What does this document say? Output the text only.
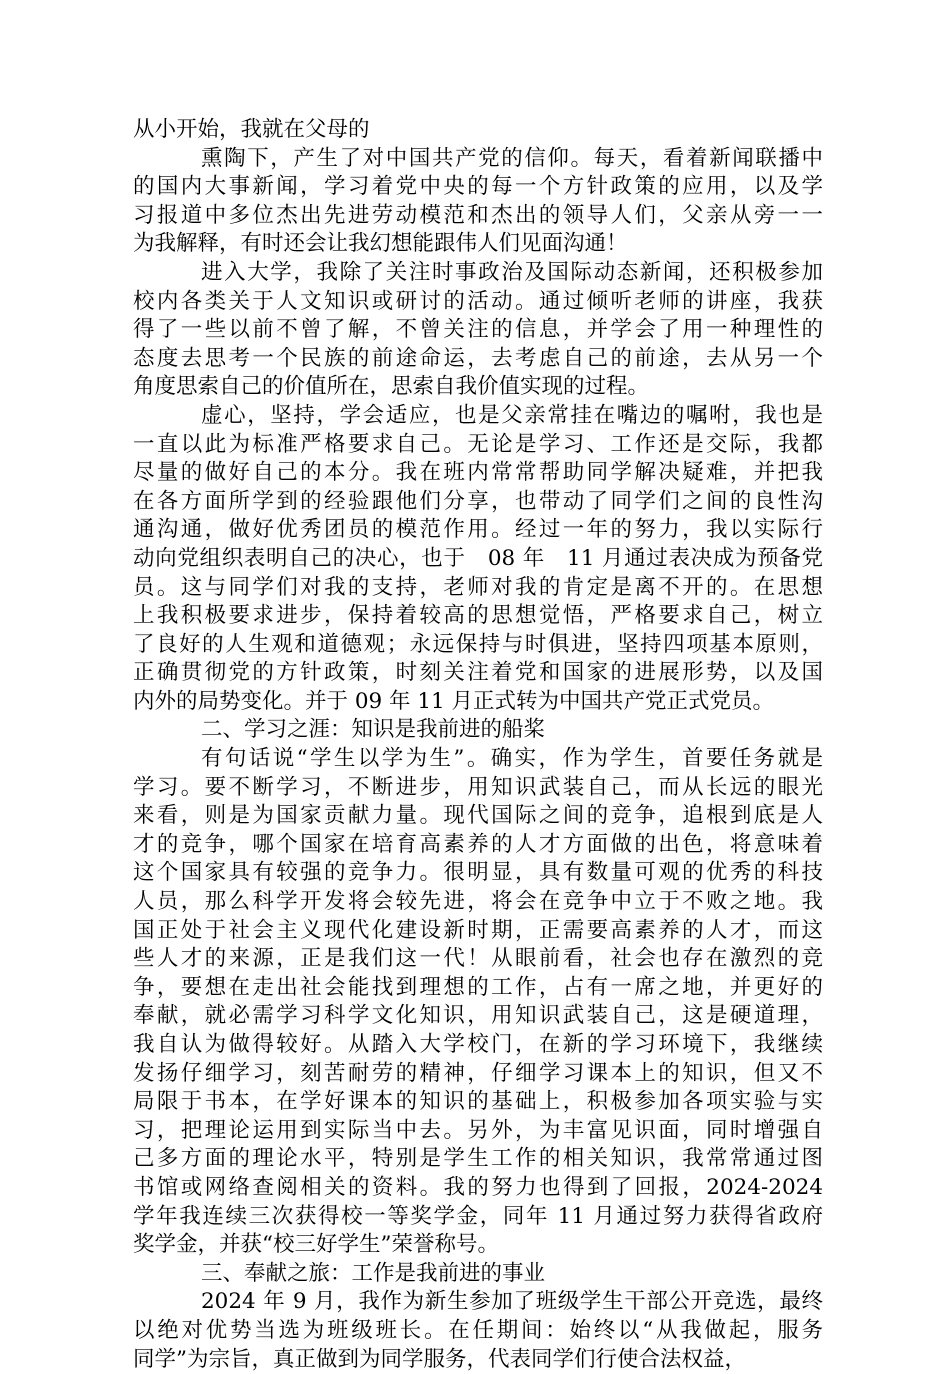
从小开始，我就在父母的
熏陶下，产生了对中国共产党的信仰。每天，看着新闻联播中
的国内大事新闻，学习着党中央的每一个方针政策的应用，以及学
习报道中多位杰出先进劳动模范和杰出的领导人们，父亲从旁一一
为我解释，有时还会让我幻想能跟伟人们见面沟通！
进入大学，我除了关注时事政治及国际动态新闻，还积极参加
校内各类关于人文知识或研讨的活动。通过倾听老师的讲座，我获
得了一些以前不曾了解，不曾关注的信息，并学会了用一种理性的
态度去思考一个民族的前途命运，去考虑自己的前途，去从另一个
角度思索自己的价值所在，思索自我价值实现的过程。
虚心，坚持，学会适应，也是父亲常挂在嘴边的嘱咐，我也是
一直以此为标准严格要求自己。无论是学习、工作还是交际，我都
尽量的做好自己的本分。我在班内常常帮助同学解决疑难，并把我
在各方面所学到的经验跟他们分享，也带动了同学们之间的良性沟
通沟通，做好优秀团员的模范作用。经过一年的努力，我以实际行
动向党组织表明自己的决心，也于　08 年　11 月通过表决成为预备党
员。这与同学们对我的支持，老师对我的肯定是离不开的。在思想
上我积极要求进步，保持着较高的思想觉悟，严格要求自己，树立
了良好的人生观和道德观；永远保持与时俱进，坚持四项基本原则，
正确贯彻党的方针政策，时刻关注着党和国家的进展形势，以及国
内外的局势变化。并于 09 年 11 月正式转为中国共产党正式党员。
二、学习之涯：知识是我前进的船桨
有句话说“学生以学为生”。确实，作为学生，首要任务就是
学习。要不断学习，不断进步，用知识武装自己，而从长远的眼光
来看，则是为国家贡献力量。现代国际之间的竞争，追根到底是人
才的竞争，哪个国家在培育高素养的人才方面做的出色，将意味着
这个国家具有较强的竞争力。很明显，具有数量可观的优秀的科技
人员，那么科学开发将会较先进，将会在竞争中立于不败之地。我
国正处于社会主义现代化建设新时期，正需要高素养的人才，而这
些人才的来源，正是我们这一代！从眼前看，社会也存在激烈的竞
争，要想在走出社会能找到理想的工作，占有一席之地，并更好的
奉献，就必需学习科学文化知识，用知识武装自己，这是硬道理，
我自认为做得较好。从踏入大学校门，在新的学习环境下，我继续
发扬仔细学习，刻苦耐劳的精神，仔细学习课本上的知识，但又不
局限于书本，在学好课本的知识的基础上，积极参加各项实验与实
习，把理论运用到实际当中去。另外，为丰富见识面，同时增强自
己多方面的理论水平，特别是学生工作的相关知识，我常常通过图
书馆或网络查阅相关的资料。我的努力也得到了回报，2024-2024
学年我连续三次获得校一等奖学金，同年 11 月通过努力获得省政府
奖学金，并获“校三好学生”荣誉称号。
三、奉献之旅：工作是我前进的事业
2024 年 9 月，我作为新生参加了班级学生干部公开竞选，最终
以绝对优势当选为班级班长。在任期间：始终以“从我做起，服务
同学”为宗旨，真正做到为同学服务，代表同学们行使合法权益，
